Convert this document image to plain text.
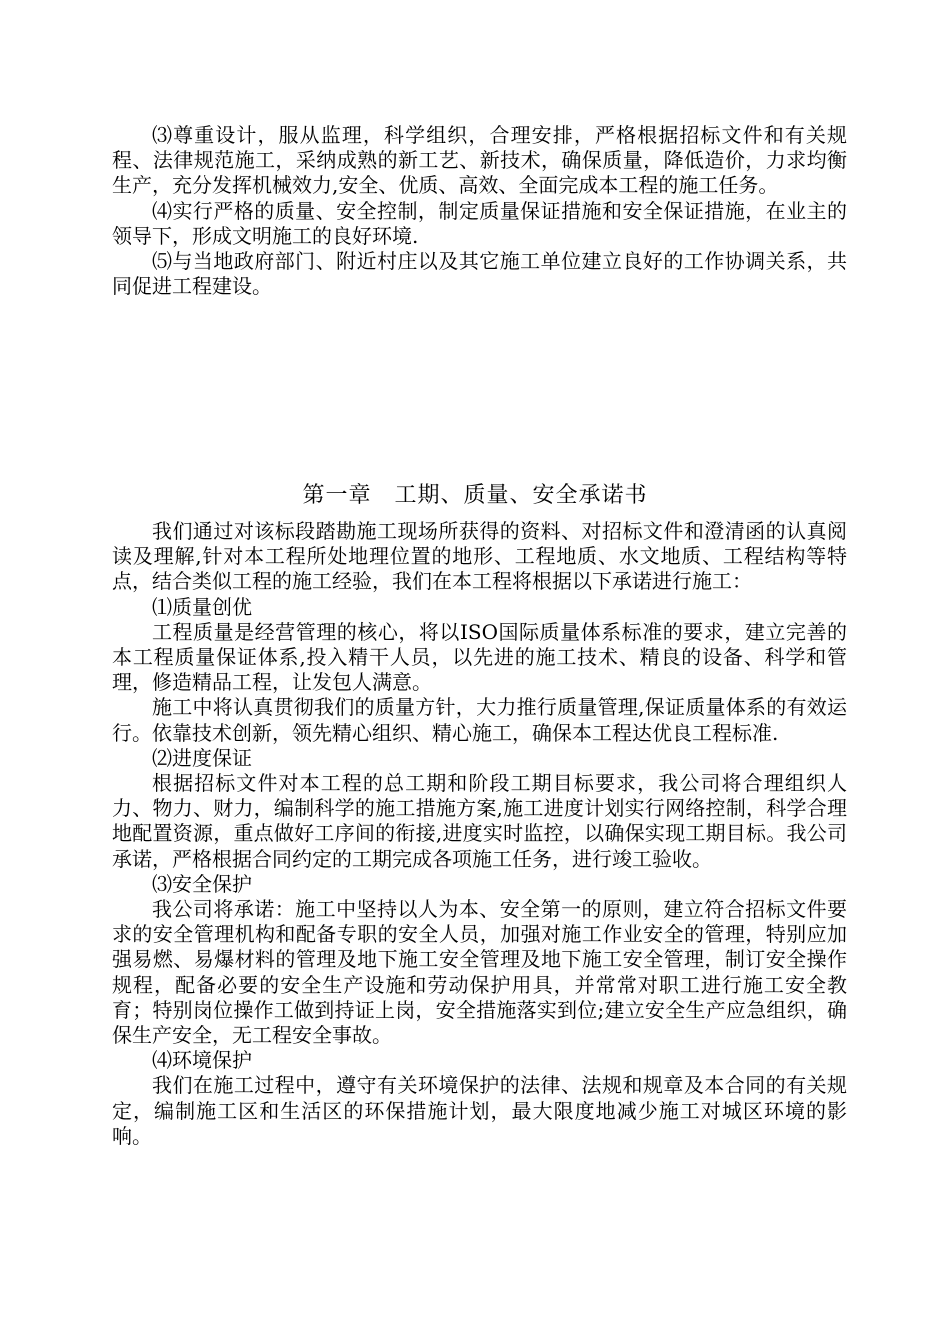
⑶尊重设计，服从监理，科学组织，合理安排，严格根据招标文件和有关规程、法律规范施工，采纳成熟的新工艺、新技术，确保质量，降低造价，力求均衡生产，充分发挥机械效力,安全、优质、高效、全面完成本工程的施工任务。

⑷实行严格的质量、安全控制，制定质量保证措施和安全保证措施，在业主的领导下，形成文明施工的良好环境.

⑸与当地政府部门、附近村庄以及其它施工单位建立良好的工作协调关系，共同促进工程建设。

第一章　工期、质量、安全承诺书

我们通过对该标段踏勘施工现场所获得的资料、对招标文件和澄清函的认真阅读及理解,针对本工程所处地理位置的地形、工程地质、水文地质、工程结构等特点，结合类似工程的施工经验，我们在本工程将根据以下承诺进行施工：

⑴质量创优

工程质量是经营管理的核心，将以ISO国际质量体系标准的要求，建立完善的本工程质量保证体系,投入精干人员，以先进的施工技术、精良的设备、科学和管理，修造精品工程，让发包人满意。

施工中将认真贯彻我们的质量方针，大力推行质量管理,保证质量体系的有效运行。依靠技术创新，领先精心组织、精心施工，确保本工程达优良工程标准.

⑵进度保证

根据招标文件对本工程的总工期和阶段工期目标要求，我公司将合理组织人力、物力、财力，编制科学的施工措施方案,施工进度计划实行网络控制，科学合理地配置资源，重点做好工序间的衔接,进度实时监控，以确保实现工期目标。我公司承诺，严格根据合同约定的工期完成各项施工任务，进行竣工验收。

⑶安全保护

我公司将承诺：施工中坚持以人为本、安全第一的原则，建立符合招标文件要求的安全管理机构和配备专职的安全人员，加强对施工作业安全的管理，特别应加强易燃、易爆材料的管理及地下施工安全管理及地下施工安全管理，制订安全操作规程，配备必要的安全生产设施和劳动保护用具，并常常对职工进行施工安全教育；特别岗位操作工做到持证上岗，安全措施落实到位;建立安全生产应急组织，确保生产安全，无工程安全事故。

⑷环境保护

我们在施工过程中，遵守有关环境保护的法律、法规和规章及本合同的有关规定，编制施工区和生活区的环保措施计划，最大限度地减少施工对城区环境的影响。
